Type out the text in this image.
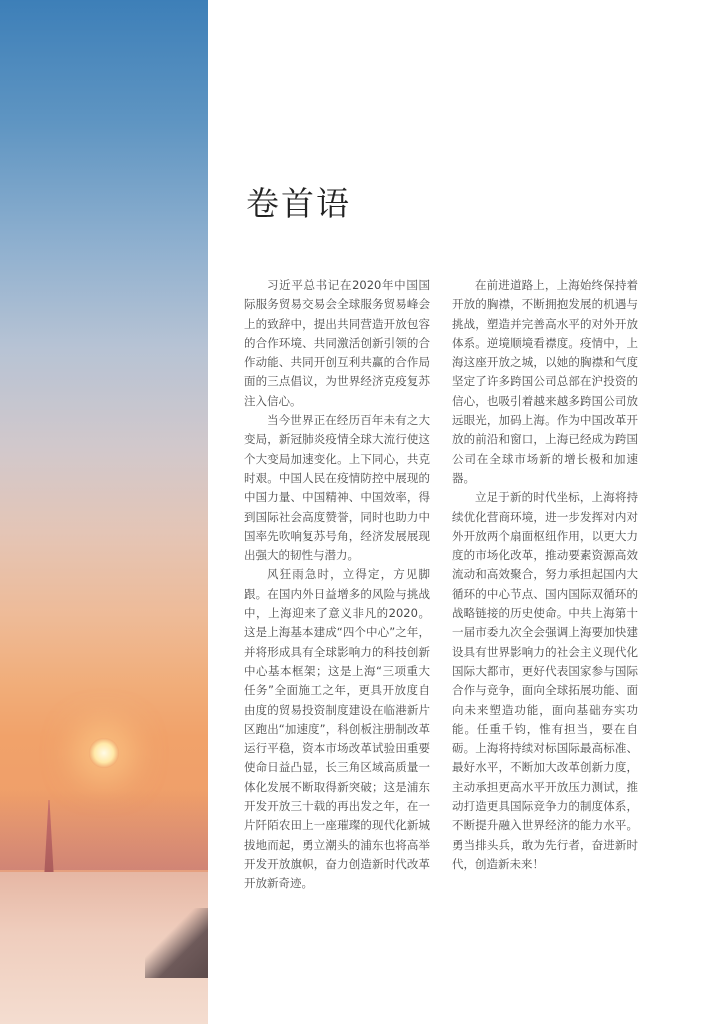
卷首语

习近平总书记在2020年中国国际服务贸易交易会全球服务贸易峰会上的致辞中，提出共同营造开放包容的合作环境、共同激活创新引领的合作动能、共同开创互利共赢的合作局面的三点倡议，为世界经济克疫复苏注入信心。

当今世界正在经历百年未有之大变局，新冠肺炎疫情全球大流行使这个大变局加速变化。上下同心，共克时艰。中国人民在疫情防控中展现的中国力量、中国精神、中国效率，得到国际社会高度赞誉，同时也助力中国率先吹响复苏号角，经济发展展现出强大的韧性与潜力。

风狂雨急时，立得定，方见脚跟。在国内外日益增多的风险与挑战中，上海迎来了意义非凡的2020。这是上海基本建成“四个中心”之年，并将形成具有全球影响力的科技创新中心基本框架；这是上海“三项重大任务”全面施工之年，更具开放度自由度的贸易投资制度建设在临港新片区跑出“加速度”，科创板注册制改革运行平稳，资本市场改革试验田重要使命日益凸显，长三角区域高质量一体化发展不断取得新突破；这是浦东开发开放三十载的再出发之年，在一片阡陌农田上一座璀璨的现代化新城拔地而起，勇立潮头的浦东也将高举开发开放旗帜，奋力创造新时代改革开放新奇迹。

在前进道路上，上海始终保持着开放的胸襟，不断拥抱发展的机遇与挑战，塑造并完善高水平的对外开放体系。逆境顺境看襟度。疫情中，上海这座开放之城，以她的胸襟和气度坚定了许多跨国公司总部在沪投资的信心，也吸引着越来越多跨国公司放远眼光，加码上海。作为中国改革开放的前沿和窗口，上海已经成为跨国公司在全球市场新的增长极和加速器。

立足于新的时代坐标，上海将持续优化营商环境，进一步发挥对内对外开放两个扇面枢纽作用，以更大力度的市场化改革，推动要素资源高效流动和高效聚合，努力承担起国内大循环的中心节点、国内国际双循环的战略链接的历史使命。中共上海第十一届市委九次全会强调上海要加快建设具有世界影响力的社会主义现代化国际大都市，更好代表国家参与国际合作与竞争，面向全球拓展功能、面向未来塑造功能，面向基础夯实功能。任重千钧，惟有担当，要在自砺。上海将持续对标国际最高标准、最好水平，不断加大改革创新力度，主动承担更高水平开放压力测试，推动打造更具国际竞争力的制度体系，不断提升融入世界经济的能力水平。勇当排头兵，敢为先行者，奋进新时代，创造新未来！
